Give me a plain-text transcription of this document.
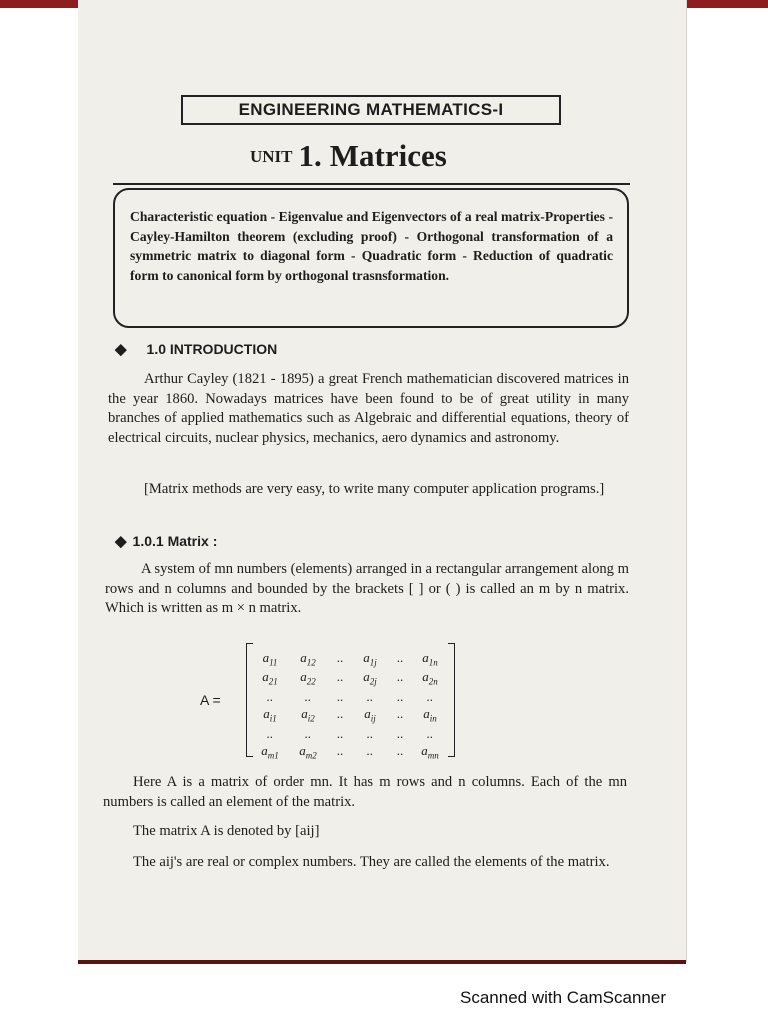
ENGINEERING MATHEMATICS-I
UNIT 1. Matrices
Characteristic equation - Eigenvalue and Eigenvectors of a real matrix-Properties - Cayley-Hamilton theorem (excluding proof) - Orthogonal transformation of a symmetric matrix to diagonal form - Quadratic form - Reduction of quadratic form to canonical form by orthogonal trasnsformation.
◆ 1.0 INTRODUCTION
Arthur Cayley (1821 - 1895) a great French mathematician discovered matrices in the year 1860. Nowadays matrices have been found to be of great utility in many branches of applied mathematics such as Algebraic and differential equations, theory of electrical circuits, nuclear physics, mechanics, aero dynamics and astronomy.
[Matrix methods are very easy, to write many computer application programs.]
◆ 1.0.1 Matrix :
A system of mn numbers (elements) arranged in a rectangular arrangement along m rows and n columns and bounded by the brackets [ ] or ( ) is called an m by n matrix. Which is written as m × n matrix.
A =
$a_{11}$	$a_{12}$	..	$a_{1j}$	..	$a_{1n}$
$a_{21}$	$a_{22}$	..	$a_{2j}$	..	$a_{2n}$
..	..	..	..	..	..
$a_{i1}$	$a_{i2}$	..	$a_{ij}$	..	$a_{in}$
..	..	..	..	..	..
$a_{m1}$	$a_{m2}$	..	..	..	$a_{mn}$
Here A is a matrix of order mn. It has m rows and n columns. Each of the mn numbers is called an element of the matrix.
The matrix A is denoted by [aij]
The aij's are real or complex numbers. They are called the elements of the matrix.
Scanned with CamScanner
